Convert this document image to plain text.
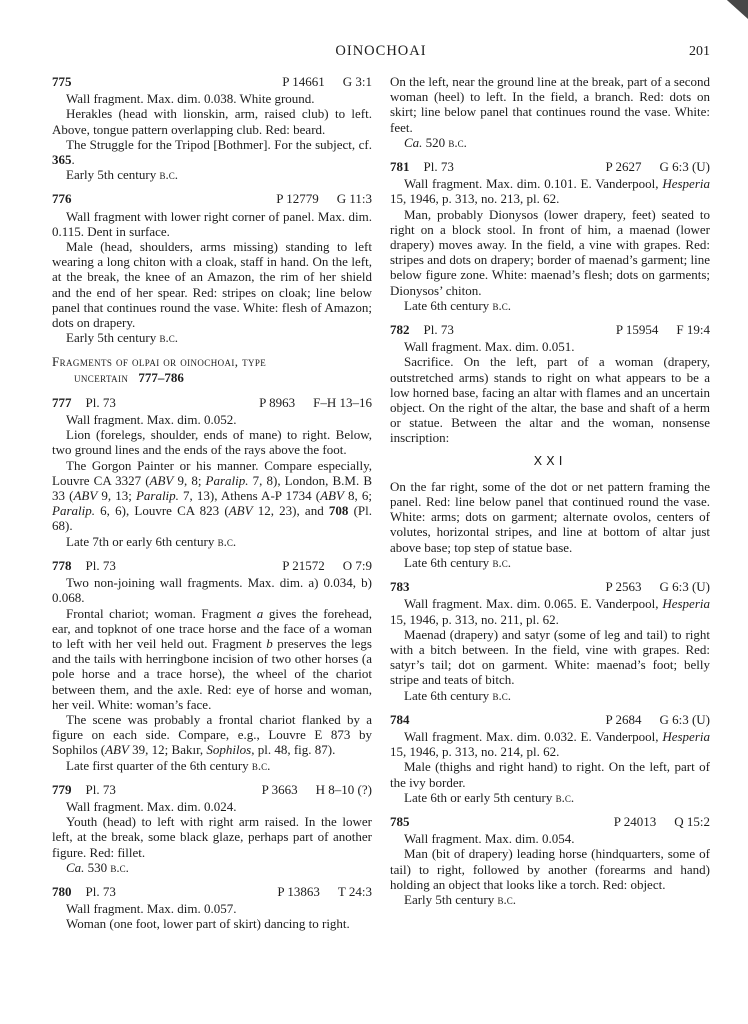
OINOCHOAI	201
775	P 14661 G 3:1

Wall fragment. Max. dim. 0.038. White ground.

Herakles (head with lionskin, arm, raised club) to left. Above, tongue pattern overlapping club. Red: beard.

The Struggle for the Tripod [Bothmer]. For the subject, cf. 365.

Early 5th century b.c.

776	P 12779 G 11:3

Wall fragment with lower right corner of panel. Max. dim. 0.115. Dent in surface.

Male (head, shoulders, arms missing) standing to left wearing a long chiton with a cloak, staff in hand. On the left, at the break, the knee of an Amazon, the rim of her shield and the end of her spear. Red: stripes on cloak; line below panel that continues round the vase. White: flesh of Amazon; dots on drapery.

Early 5th century b.c.

Fragments of olpai or oinochoai, type
uncertain 777–786
777 Pl. 73	P 8963 F–H 13–16

Wall fragment. Max. dim. 0.052.

Lion (forelegs, shoulder, ends of mane) to right. Below, two ground lines and the ends of the rays above the foot.

The Gorgon Painter or his manner. Compare especially, Louvre CA 3327 (ABV 9, 8; Paralip. 7, 8), London, B.M. B 33 (ABV 9, 13; Paralip. 7, 13), Athens A-P 1734 (ABV 8, 6; Paralip. 6, 6), Louvre CA 823 (ABV 12, 23), and 708 (Pl. 68).

Late 7th or early 6th century b.c.

778 Pl. 73	P 21572 O 7:9

Two non-joining wall fragments. Max. dim. a) 0.034, b) 0.068.

Frontal chariot; woman. Fragment a gives the forehead, ear, and topknot of one trace horse and the face of a woman to left with her veil held out. Fragment b preserves the legs and the tails with herringbone incision of two other horses (a pole horse and a trace horse), the wheel of the chariot between them, and the axle. Red: eye of horse and woman, her veil. White: woman’s face.

The scene was probably a frontal chariot flanked by a figure on each side. Compare, e.g., Louvre E 873 by Sophilos (ABV 39, 12; Bakır, Sophilos, pl. 48, fig. 87).

Late first quarter of the 6th century b.c.

779 Pl. 73	P 3663 H 8–10 (?)

Wall fragment. Max. dim. 0.024.

Youth (head) to left with right arm raised. In the lower left, at the break, some black glaze, perhaps part of another figure. Red: fillet.

Ca. 530 b.c.

780 Pl. 73	P 13863 T 24:3

Wall fragment. Max. dim. 0.057.

Woman (one foot, lower part of skirt) dancing to right.

On the left, near the ground line at the break, part of a second woman (heel) to left. In the field, a branch. Red: dots on skirt; line below panel that continues round the vase. White: feet.

Ca. 520 b.c.

781 Pl. 73	P 2627 G 6:3 (U)

Wall fragment. Max. dim. 0.101. E. Vanderpool, Hesperia 15, 1946, p. 313, no. 213, pl. 62.

Man, probably Dionysos (lower drapery, feet) seated to right on a block stool. In front of him, a maenad (lower drapery) moves away. In the field, a vine with grapes. Red: stripes and dots on drapery; border of maenad’s garment; line below figure zone. White: maenad’s flesh; dots on garments; Dionysos’ chiton.

Late 6th century b.c.

782 Pl. 73	P 15954 F 19:4

Wall fragment. Max. dim. 0.051.

Sacrifice. On the left, part of a woman (drapery, outstretched arms) stands to right on what appears to be a low horned base, facing an altar with flames and an uncertain object. On the right of the altar, the base and shaft of a herm or statue. Between the altar and the woman, nonsense inscription:

XXI

On the far right, some of the dot or net pattern framing the panel. Red: line below panel that continued round the vase. White: arms; dots on garment; alternate ovolos, centers of volutes, horizontal stripes, and line at bottom of altar just above base; top step of statue base.

Late 6th century b.c.

783	P 2563 G 6:3 (U)

Wall fragment. Max. dim. 0.065. E. Vanderpool, Hesperia 15, 1946, p. 313, no. 211, pl. 62.

Maenad (drapery) and satyr (some of leg and tail) to right with a bitch between. In the field, vine with grapes. Red: satyr’s tail; dot on garment. White: maenad’s foot; belly stripe and teats of bitch.

Late 6th century b.c.

784	P 2684 G 6:3 (U)

Wall fragment. Max. dim. 0.032. E. Vanderpool, Hesperia 15, 1946, p. 313, no. 214, pl. 62.

Male (thighs and right hand) to right. On the left, part of the ivy border.

Late 6th or early 5th century b.c.

785	P 24013 Q 15:2

Wall fragment. Max. dim. 0.054.

Man (bit of drapery) leading horse (hindquarters, some of tail) to right, followed by another (forearms and hand) holding an object that looks like a torch. Red: object.

Early 5th century b.c.
